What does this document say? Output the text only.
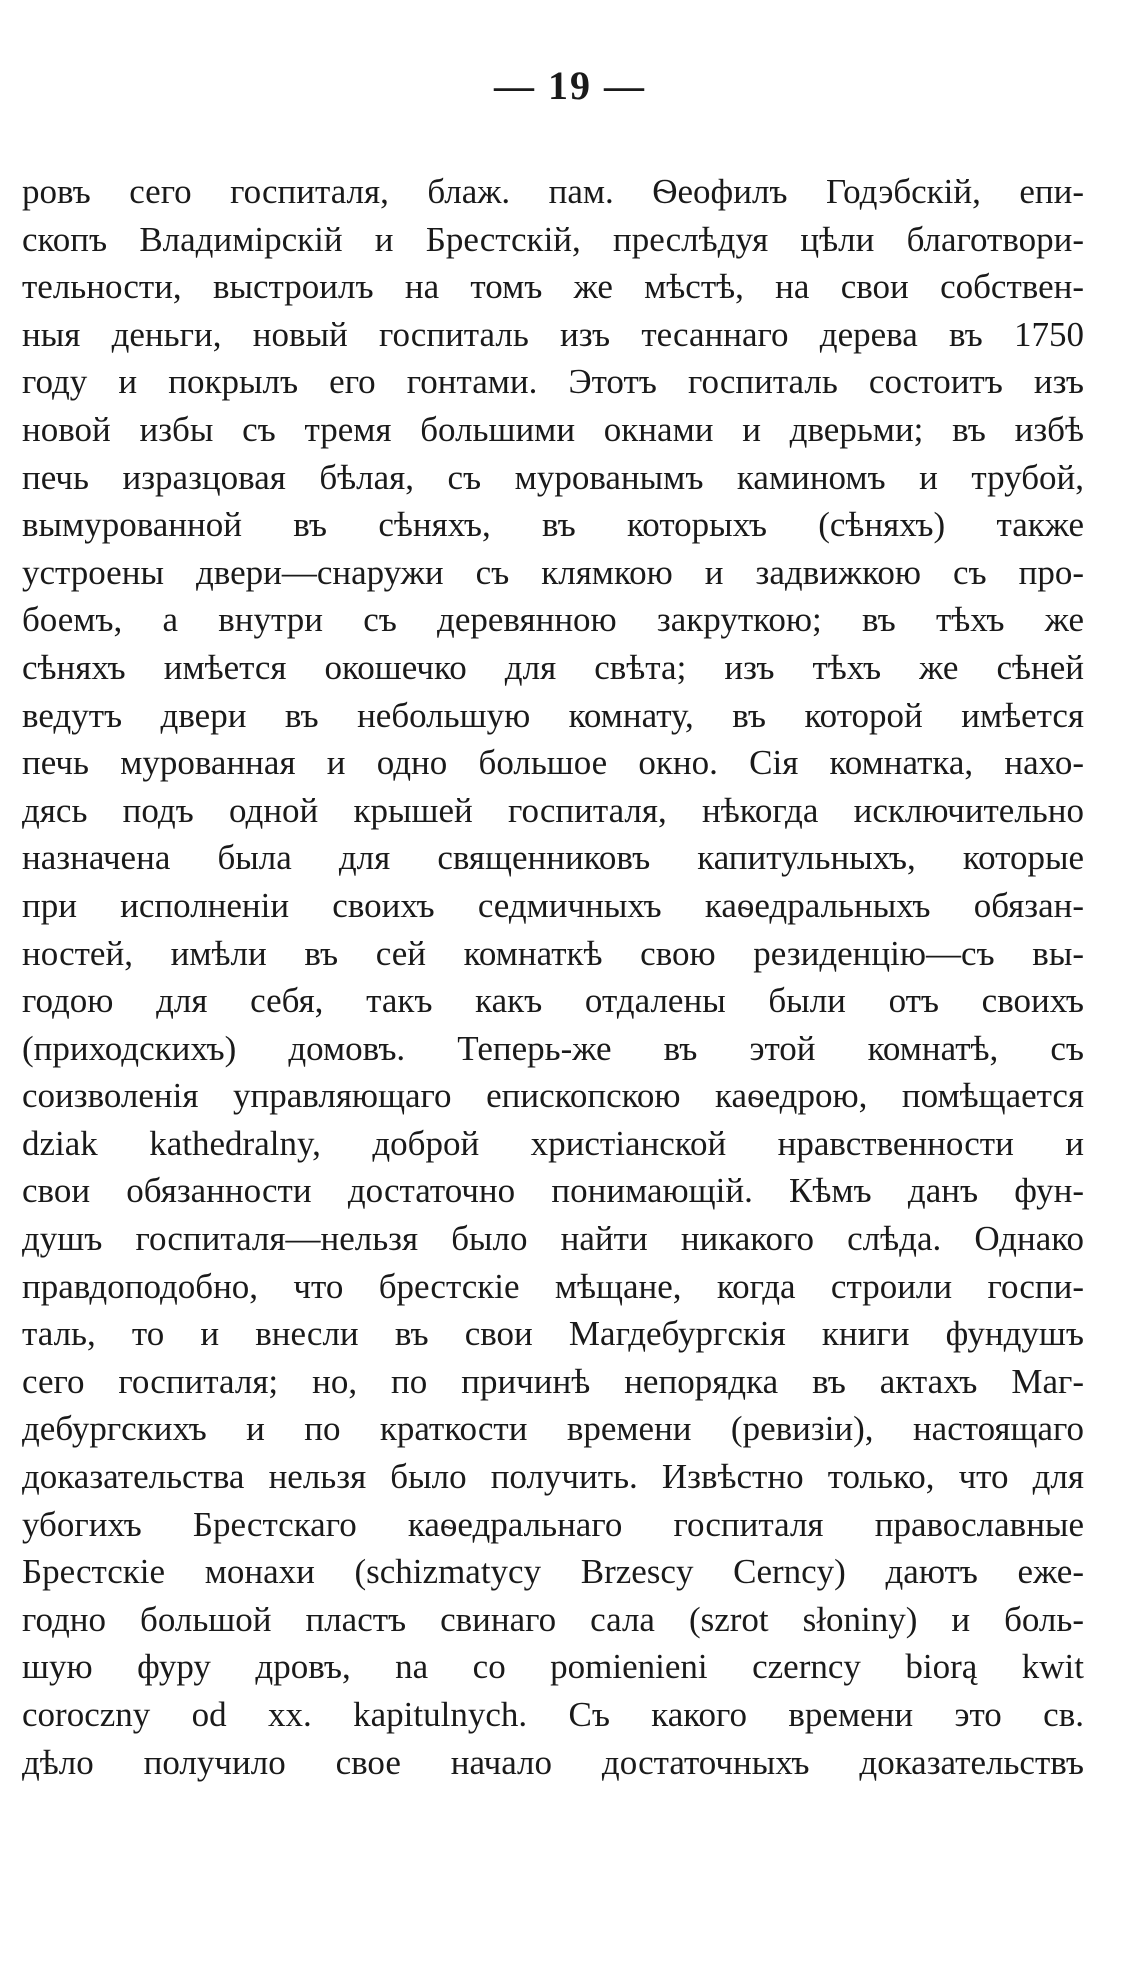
— 19 —
ровъ сего госпиталя, блаж. пам. Ѳеофилъ Годэбскій, епи-
скопъ Владимірскій и Брестскій, преслѣдуя цѣли благотвори-
тельности, выстроилъ на томъ же мѣстѣ, на свои собствен-
ныя деньги, новый госпиталь изъ тесаннаго дерева въ 1750
году и покрылъ его гонтами. Этотъ госпиталь состоитъ изъ
новой избы съ тремя большими окнами и дверьми; въ избѣ
печь изразцовая бѣлая, съ мурованымъ каминомъ и трубой,
вымурованной въ сѣняхъ, въ которыхъ (сѣняхъ) также
устроены двери—снаружи съ клямкою и задвижкою съ про-
боемъ, а внутри съ деревянною закруткою; въ тѣхъ же
сѣняхъ имѣется окошечко для свѣта; изъ тѣхъ же сѣней
ведутъ двери въ небольшую комнату, въ которой имѣется
печь мурованная и одно большое окно. Сія комнатка, нахо-
дясь подъ одной крышей госпиталя, нѣкогда исключительно
назначена была для священниковъ капитульныхъ, которые
при исполненіи своихъ седмичныхъ каѳедральныхъ обязан-
ностей, имѣли въ сей комнаткѣ свою резиденцію—съ вы-
годою для себя, такъ какъ отдалены были отъ своихъ
(приходскихъ) домовъ. Теперь-же въ этой комнатѣ, съ
соизволенія управляющаго епископскою каѳедрою, помѣщается
dziak kathedralny, доброй христіанской нравственности и
свои обязанности достаточно понимающій. Кѣмъ данъ фун-
душъ госпиталя—нельзя было найти никакого слѣда. Однако
правдоподобно, что брестскіе мѣщане, когда строили госпи-
таль, то и внесли въ свои Магдебургскія книги фундушъ
сего госпиталя; но, по причинѣ непорядка въ актахъ Маг-
дебургскихъ и по краткости времени (ревизіи), настоящаго
доказательства нельзя было получить. Извѣстно только, что для
убогихъ Брестскаго каѳедральнаго госпиталя православные
Брестскіе монахи (schizmatycy Brzescy Cerncy) даютъ еже-
годно большой пластъ свинаго сала (szrot słoniny) и боль-
шую фуру дровъ, na co pomienieni czerncy biorą kwit
coroczny od xx. kapitulnych. Съ какого времени это св.
дѣло получило свое начало достаточныхъ доказательствъ
